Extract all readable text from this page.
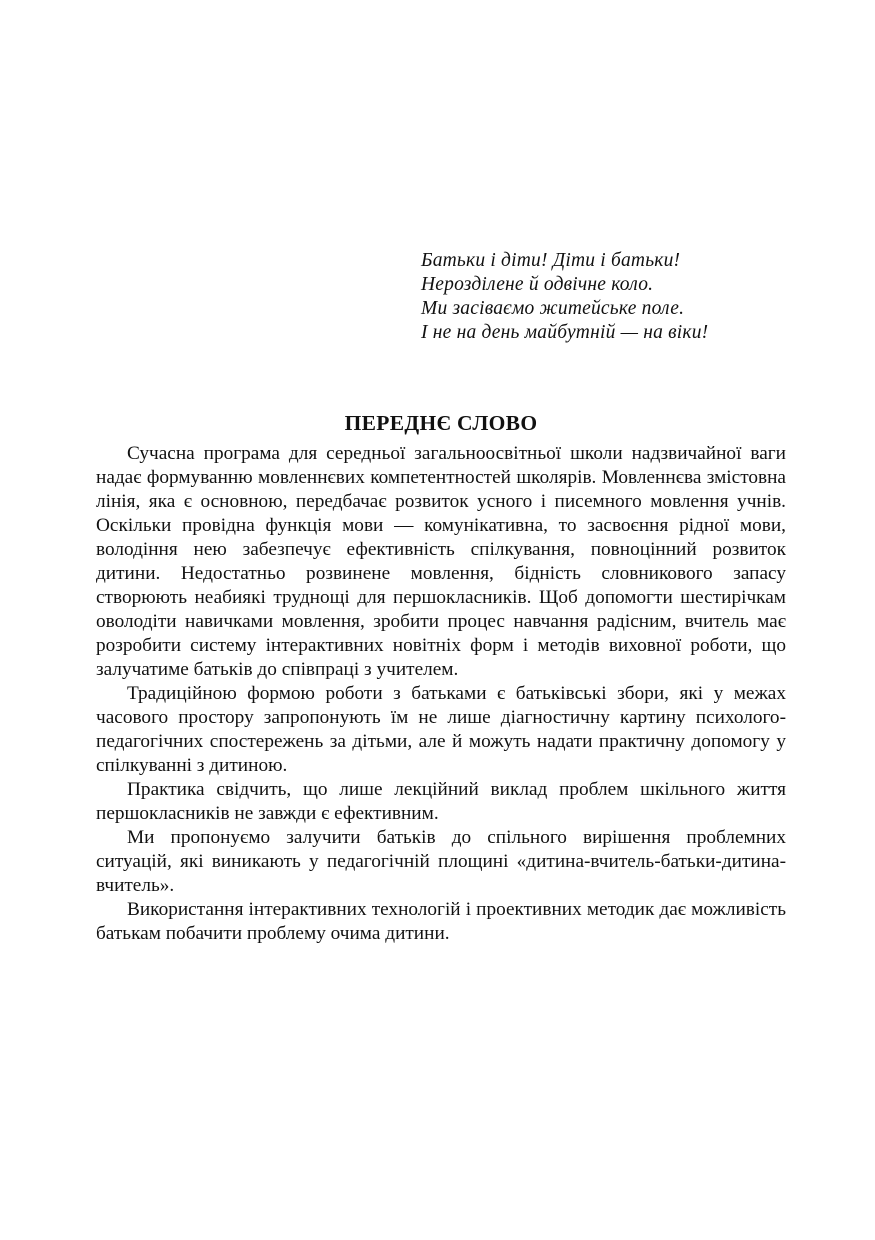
Батьки і діти! Діти і батьки!
Нерозділене й одвічне коло.
Ми засіваємо житейське поле.
І не на день майбутній — на віки!
ПЕРЕДНЄ СЛОВО

Сучасна програма для середньої загальноосвітньої школи надзвичайної ваги надає формуванню мовленнєвих компетентностей школярів. Мовленнєва змістовна лінія, яка є основною, передбачає розвиток усного і писемного мовлення учнів. Оскільки провідна функція мови — комунікативна, то засвоєння рідної мови, володіння нею забезпечує ефективність спілкування, повноцінний розвиток дитини. Недостатньо розвинене мовлення, бідність словникового запасу створюють неабиякі труднощі для першокласників. Щоб допомогти шестирічкам оволодіти навичками мовлення, зробити процес навчання радісним, вчитель має розробити систему інтерактивних новітніх форм і методів виховної роботи, що залучатиме батьків до співпраці з учителем.

Традиційною формою роботи з батьками є батьківські збори, які у межах часового простору запропонують їм не лише діагностичну картину психолого-педагогічних спостережень за дітьми, але й можуть надати практичну допомогу у спілкуванні з дитиною.

Практика свідчить, що лише лекційний виклад проблем шкільного життя першокласників не завжди є ефективним.

Ми пропонуємо залучити батьків до спільного вирішення проблемних ситуацій, які виникають у педагогічній площині «дитина-вчитель-батьки-дитина-вчитель».

Використання інтерактивних технологій і проективних методик дає можливість батькам побачити проблему очима дитини.
